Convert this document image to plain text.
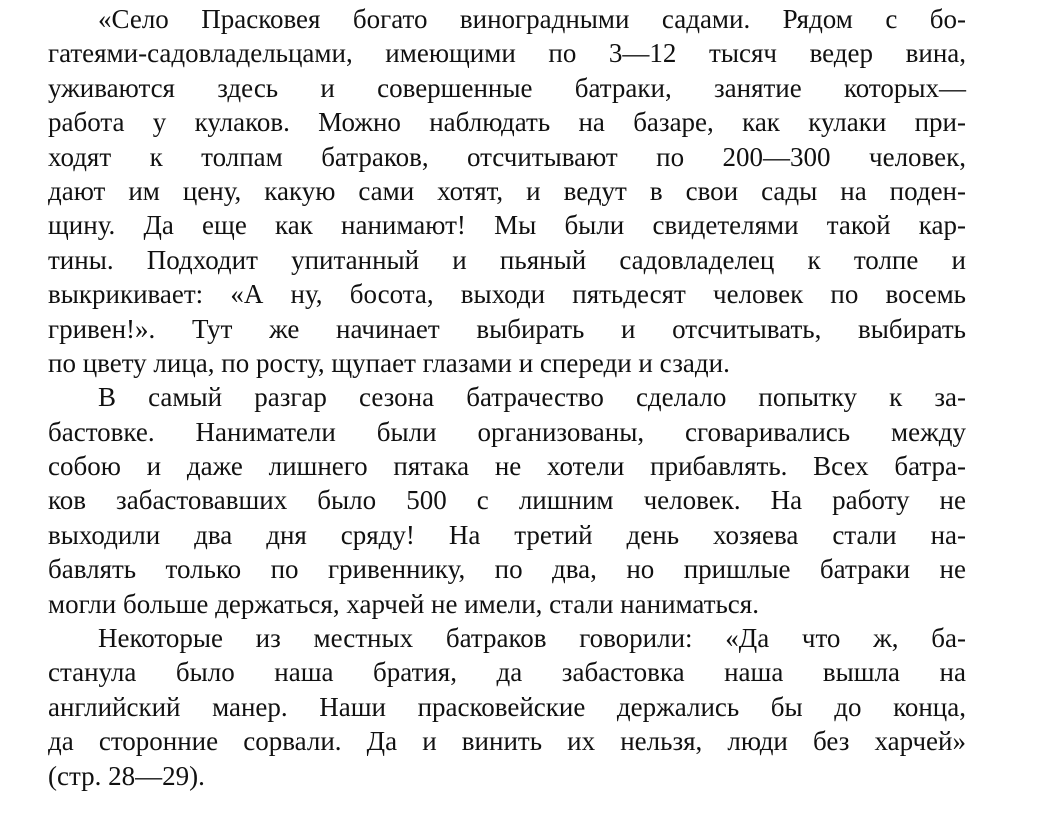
«Село Прасковея богато виноградными садами. Рядом с бо-
гатеями-садовладельцами, имеющими по 3—12 тысяч ведер вина,
уживаются здесь и совершенные батраки, занятие которых—
работа у кулаков. Можно наблюдать на базаре, как кулаки при-
ходят к толпам батраков, отсчитывают по 200—300 человек,
дают им цену, какую сами хотят, и ведут в свои сады на поден-
щину. Да еще как нанимают! Мы были свидетелями такой кар-
тины. Подходит упитанный и пьяный садовладелец к толпе и
выкрикивает: «А ну, босота, выходи пятьдесят человек по восемь
гривен!». Тут же начинает выбирать и отсчитывать, выбирать
по цвету лица, по росту, щупает глазами и спереди и сзади.
В самый разгар сезона батрачество сделало попытку к за-
бастовке. Наниматели были организованы, сговаривались между
собою и даже лишнего пятака не хотели прибавлять. Всех батра-
ков забастовавших было 500 с лишним человек. На работу не
выходили два дня сряду! На третий день хозяева стали на-
бавлять только по гривеннику, по два, но пришлые батраки не
могли больше держаться, харчей не имели, стали наниматься.
Некоторые из местных батраков говорили: «Да что ж, ба-
станула было наша братия, да забастовка наша вышла на
английский манер. Наши прасковейские держались бы до конца,
да сторонние сорвали. Да и винить их нельзя, люди без харчей»
(стр. 28—29).
